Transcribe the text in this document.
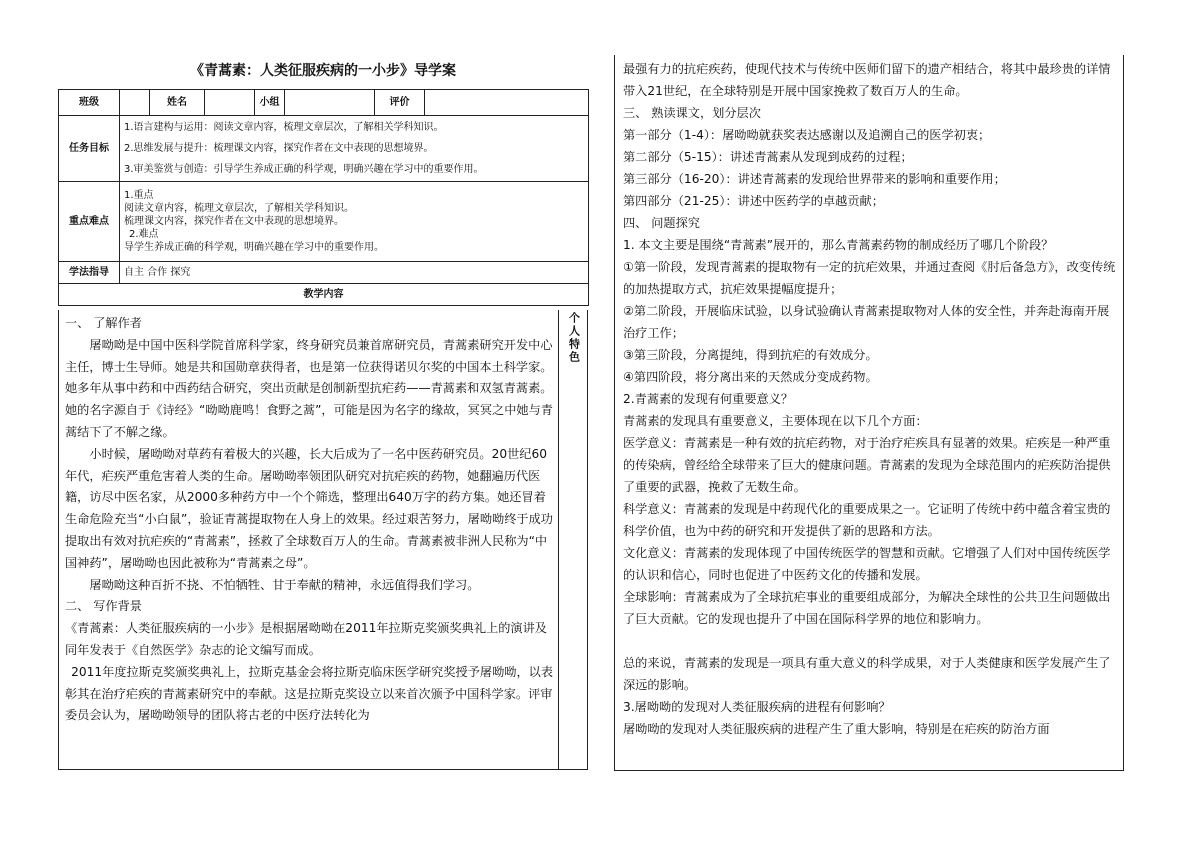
《青蒿素：人类征服疾病的一小步》导学案
班级		姓名		小组		评价	
任务目标	1.语言建构与运用：阅读文章内容，梳理文章层次，了解相关学科知识。

2.思维发展与提升：梳理课文内容，探究作者在文中表现的思想境界。

3.审美鉴赏与创造：引导学生养成正确的科学观，明确兴趣在学习中的重要作用。						

重点难点	1.重点

阅读文章内容，梳理文章层次，了解相关学科知识。

梳理课文内容，探究作者在文中表现的思想境界。

2.难点

导学生养成正确的科学观，明确兴趣在学习中的重要作用。						

学法指导	自主 合作 探究						
教学内容							

一、 了解作者

屠呦呦是中国中医科学院首席科学家，终身研究员兼首席研究员，青蒿素研究开发中心主任，博士生导师。她是共和国勋章获得者，也是第一位获得诺贝尔奖的中国本土科学家。她多年从事中药和中西药结合研究，突出贡献是创制新型抗疟药——青蒿素和双氢青蒿素。她的名字源自于《诗经》“呦呦鹿鸣！食野之蒿”，可能是因为名字的缘故，冥冥之中她与青蒿结下了不解之缘。

小时候，屠呦呦对草药有着极大的兴趣，长大后成为了一名中医药研究员。20世纪60年代，疟疾严重危害着人类的生命。屠呦呦率领团队研究对抗疟疾的药物，她翻遍历代医籍，访尽中医名家，从2000多种药方中一个个筛选，整理出640万字的药方集。她还冒着生命危险充当“小白鼠”，验证青蒿提取物在人身上的效果。经过艰苦努力，屠呦呦终于成功提取出有效对抗疟疾的“青蒿素”，拯救了全球数百万人的生命。青蒿素被非洲人民称为“中国神药”，屠呦呦也因此被称为“青蒿素之母”。

屠呦呦这种百折不挠、不怕牺牲、甘于奉献的精神，永远值得我们学习。

二、 写作背景

《青蒿素：人类征服疾病的一小步》是根据屠呦呦在2011年拉斯克奖颁奖典礼上的演讲及同年发表于《自然医学》杂志的论文编写而成。

2011年度拉斯克奖颁奖典礼上，拉斯克基金会将拉斯克临床医学研究奖授予屠呦呦，以表彰其在治疗疟疾的青蒿素研究中的奉献。这是拉斯克奖设立以来首次颁予中国科学家。评审委员会认为，屠呦呦领导的团队将古老的中医疗法转化为

个人特色

最强有力的抗疟疾药，使现代技术与传统中医师们留下的遗产相结合，将其中最珍贵的详情带入21世纪，在全球特别是开展中国家挽救了数百万人的生命。

三、 熟读课文，划分层次

第一部分（1-4）：屠呦呦就获奖表达感谢以及追溯自己的医学初衷；

第二部分（5-15）：讲述青蒿素从发现到成药的过程；

第三部分（16-20）：讲述青蒿素的发现给世界带来的影响和重要作用；

第四部分（21-25）：讲述中医药学的卓越贡献；

四、 问题探究

1. 本文主要是围绕“青蒿素”展开的，那么青蒿素药物的制成经历了哪几个阶段？

①第一阶段，发现青蒿素的提取物有一定的抗疟效果，并通过查阅《肘后备急方》，改变传统的加热提取方式，抗疟效果提幅度提升；

②第二阶段，开展临床试验，以身试验确认青蒿素提取物对人体的安全性，并奔赴海南开展治疗工作；

③第三阶段，分离提纯，得到抗疟的有效成分。

④第四阶段，将分离出来的天然成分变成药物。

2.青蒿素的发现有何重要意义？

青蒿素的发现具有重要意义，主要体现在以下几个方面：

医学意义：青蒿素是一种有效的抗疟药物，对于治疗疟疾具有显著的效果。疟疾是一种严重的传染病，曾经给全球带来了巨大的健康问题。青蒿素的发现为全球范围内的疟疾防治提供了重要的武器，挽救了无数生命。

科学意义：青蒿素的发现是中药现代化的重要成果之一。它证明了传统中药中蕴含着宝贵的科学价值，也为中药的研究和开发提供了新的思路和方法。

文化意义：青蒿素的发现体现了中国传统医学的智慧和贡献。它增强了人们对中国传统医学的认识和信心，同时也促进了中医药文化的传播和发展。

全球影响：青蒿素成为了全球抗疟事业的重要组成部分，为解决全球性的公共卫生问题做出了巨大贡献。它的发现也提升了中国在国际科学界的地位和影响力。

总的来说，青蒿素的发现是一项具有重大意义的科学成果，对于人类健康和医学发展产生了深远的影响。

3.屠呦呦的发现对人类征服疾病的进程有何影响？

屠呦呦的发现对人类征服疾病的进程产生了重大影响，特别是在疟疾的防治方面
